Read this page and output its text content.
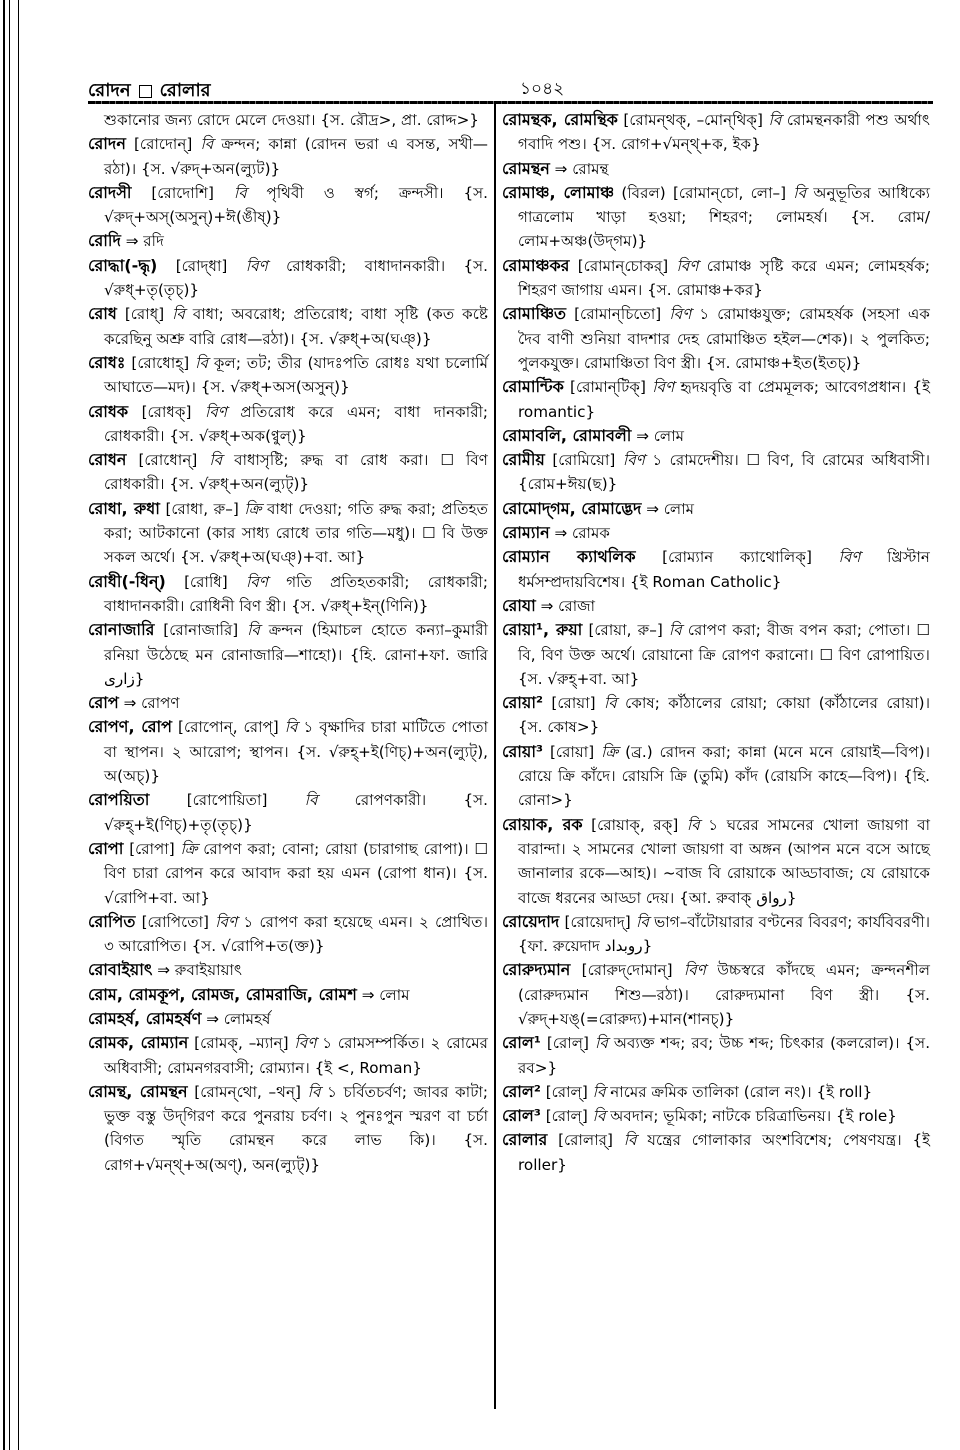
রোদন রোলার	১০৪২

শুকানোর জন্য রোদে মেলে দেওয়া। {স. রৌদ্র>, প্রা. রোদ্দ>}

রোদন [রোদোন্] বি ক্রন্দন; কান্না (রোদন ভরা এ বসন্ত, সখী—রঠা)। {স. √রুদ্+অন(ল্যুট)}

রোদসী [রোদোশি] বি পৃথিবী ও স্বর্গ; ক্রন্দসী। {স. √রুদ্+অস্(অসুন্)+ঈ(ঙীষ্)}

রোদি ⇒ রদি

রোদ্ধা(-দ্ধৃ) [রোদ্‌ধা] বিণ রোধকারী; বাধাদানকারী। {স. √রুধ্+তৃ(তৃচ্)}

রোধ [রোধ্] বি বাধা; অবরোধ; প্রতিরোধ; বাধা সৃষ্টি (কত কষ্টে করেছিনু অশ্রু বারি রোধ—রঠা)। {স. √রুধ্+অ(ঘঞ্)}

রোধঃ [রোধোহ্] বি কূল; তট; তীর (যাদঃপতি রোধঃ যথা চলোর্মি আঘাতে—মদ)। {স. √রুধ্+অস(অসুন্)}

রোধক [রোধক্] বিণ প্রতিরোধ করে এমন; বাধা দানকারী; রোধকারী। {স. √রুধ্+অক(ণ্বুল্)}

রোধন [রোধোন্] বি বাধাসৃষ্টি; রুদ্ধ বা রোধ করা। ☐ বিণ রোধকারী। {স. √রুধ্+অন(ল্যুট্)}

রোধা, রুধা [রোধা, রু–] ক্রি বাধা দেওয়া; গতি রুদ্ধ করা; প্রতিহত করা; আটকানো (কার সাধ্য রোধে তার গতি—মধু)। ☐ বি উক্ত সকল অর্থে। {স. √রুধ্+অ(ঘঞ্)+বা. আ}

রোধী(-ধিন্) [রোধি] বিণ গতি প্রতিহতকারী; রোধকারী; বাধাদানকারী। রোধিনী বিণ স্ত্রী। {স. √রুধ্+ইন্(ণিনি)}

রোনাজারি [রোনাজারি] বি ক্রন্দন (হিমাচল হোতে কন্যা–কুমারী রনিয়া উঠেছে মন রোনাজারি—শাহো)। {হি. রোনা+ফা. জারি زاری}

রোপ ⇒ রোপণ

রোপণ, রোপ [রোপোন্, রোপ্] বি ১ বৃক্ষাদির চারা মাটিতে পোতা বা স্থাপন। ২ আরোপ; স্থাপন। {স. √রুহ্+ই(ণিচ্)+অন(ল্যুট্), অ(অচ্)}

রোপয়িতা [রোপোয়িতা] বি রোপণকারী। {স. √রুহ্+ই(ণিচ্)+তৃ(তৃচ্)}

রোপা [রোপা] ক্রি রোপণ করা; বোনা; রোয়া (চারাগাছ রোপা)। ☐ বিণ চারা রোপন করে আবাদ করা হয় এমন (রোপা ধান)। {স. √রোপি+বা. আ}

রোপিত [রোপিতো] বিণ ১ রোপণ করা হয়েছে এমন। ২ প্রোথিত। ৩ আরোপিত। {স. √রোপি+ত(ক্ত)}

রোবাইয়াৎ ⇒ রুবাইয়ায়াৎ

রোম, রোমকূপ, রোমজ, রোমরাজি, রোমশ ⇒ লোম

রোমহর্ষ, রোমহর্ষণ ⇒ লোমহর্ষ

রোমক, রোম্যান [রোমক্, –ম্যান্] বিণ ১ রোমসম্পর্কিত। ২ রোমের অধিবাসী; রোমনগরবাসী; রোম্যান। {ই <, Roman}

রোমন্থ, রোমন্থন [রোমন্‌থো, –থন্] বি ১ চর্বিতচর্বণ; জাবর কাটা; ভুক্ত বস্তু উদ্‌গিরণ করে পুনরায় চর্বণ। ২ পুনঃপুন স্মরণ বা চর্চা (বিগত স্মৃতি রোমন্থন করে লাভ কি)। {স. রোগ+√মন্থ্+অ(অণ্), অন(ল্যুট্)}

রোমন্থক, রোমন্থিক [রোমন্‌থক্, –মোন্‌থিক্] বি রোমন্থনকারী পশু অর্থাৎ গবাদি পশু। {স. রোগ+√মন্থ্+ক, ইক}

রোমন্থন ⇒ রোমন্থ

রোমাঞ্চ, লোমাঞ্চ (বিরল) [রোমান্‌চো, লো–] বি অনুভূতির আধিক্যে গাত্রলোম খাড়া হওয়া; শিহরণ; লোমহর্ষ। {স. রোম/লোম+অঞ্চ(উদ্‌গম)}

রোমাঞ্চকর [রোমান্‌চোকর্] বিণ রোমাঞ্চ সৃষ্টি করে এমন; লোমহর্ষক; শিহরণ জাগায় এমন। {স. রোমাঞ্চ+কর}

রোমাঞ্চিত [রোমান্‌চিতো] বিণ ১ রোমাঞ্চযুক্ত; রোমহর্ষক (সহসা এক দৈব বাণী শুনিয়া বাদশার দেহ রোমাঞ্চিত হইল—শেক)। ২ পুলকিত; পুলকযুক্ত। রোমাঞ্চিতা বিণ স্ত্রী। {স. রোমাঞ্চ+ইত(ইতচ্)}

রোমান্টিক [রোমান্‌টিক্] বিণ হৃদয়বৃত্তি বা প্রেমমূলক; আবেগপ্রধান। {ই romantic}

রোমাবলি, রোমাবলী ⇒ লোম

রোমীয় [রোমিয়ো] বিণ ১ রোমদেশীয়। ☐ বিণ, বি রোমের অধিবাসী। {রোম+ঈয়(ছ)}

রোমোদ্‌গম, রোমাদ্ভেদ ⇒ লোম

রোম্যান ⇒ রোমক

রোম্যান ক্যাথলিক [রোম্যান ক্যাথোলিক্] বিণ খ্রিস্টান ধর্মসম্প্রদায়বিশেষ। {ই Roman Catholic}

রোযা ⇒ রোজা

রোয়া¹, রুয়া [রোয়া, রু–] বি রোপণ করা; বীজ বপন করা; পোতা। ☐ বি, বিণ উক্ত অর্থে। রোয়ানো ক্রি রোপণ করানো। ☐ বিণ রোপায়িত। {স. √রুহ্+বা. আ}

রোয়া² [রোয়া] বি কোষ; কাঁঠালের রোয়া; কোয়া (কাঁঠালের রোয়া)। {স. কোষ>}

রোয়া³ [রোয়া] ক্রি (ব্র.) রোদন করা; কান্না (মনে মনে রোয়াই—বিপ)। রোয়ে ক্রি কাঁদে। রোয়সি ক্রি (তুমি) কাঁদ (রোয়সি কাহে—বিপ)। {হি. রোনা>}

রোয়াক, রক [রোয়াক্, রক্] বি ১ ঘরের সামনের খোলা জায়গা বা বারান্দা। ২ সামনের খোলা জায়গা বা অঙ্গন (আপন মনে বসে আছে জানালার রকে—আহ)। ~বাজ বি রোয়াকে আড্ডাবাজ; যে রোয়াকে বাজে ধরনের আড্ডা দেয়। {আ. রুবাক্ رواق}

রোয়েদাদ [রোয়েদাদ্] বি ভাগ–বাঁটোয়ারার বণ্টনের বিবরণ; কার্যবিবরণী। {ফা. রুয়েদাদ روبداد}

রোরুদ্যমান [রোরুদ্‌দোমান্] বিণ উচ্চস্বরে কাঁদছে এমন; ক্রন্দনশীল (রোরুদ্যমান শিশু—রঠা)। রোরুদ্যমানা বিণ স্ত্রী। {স. √রুদ্+যঙ্(=রোরুদ্য)+মান(শানচ্)}

রোল¹ [রোল্] বি অব্যক্ত শব্দ; রব; উচ্চ শব্দ; চিৎকার (কলরোল)। {স. রব>}

রোল² [রোল্] বি নামের ক্রমিক তালিকা (রোল নং)। {ই roll}

রোল³ [রোল্] বি অবদান; ভূমিকা; নাটকে চরিত্রাভিনয়। {ই role}

রোলার [রোলার্] বি যন্ত্রের গোলাকার অংশবিশেষ; পেষণযন্ত্র। {ই roller}
